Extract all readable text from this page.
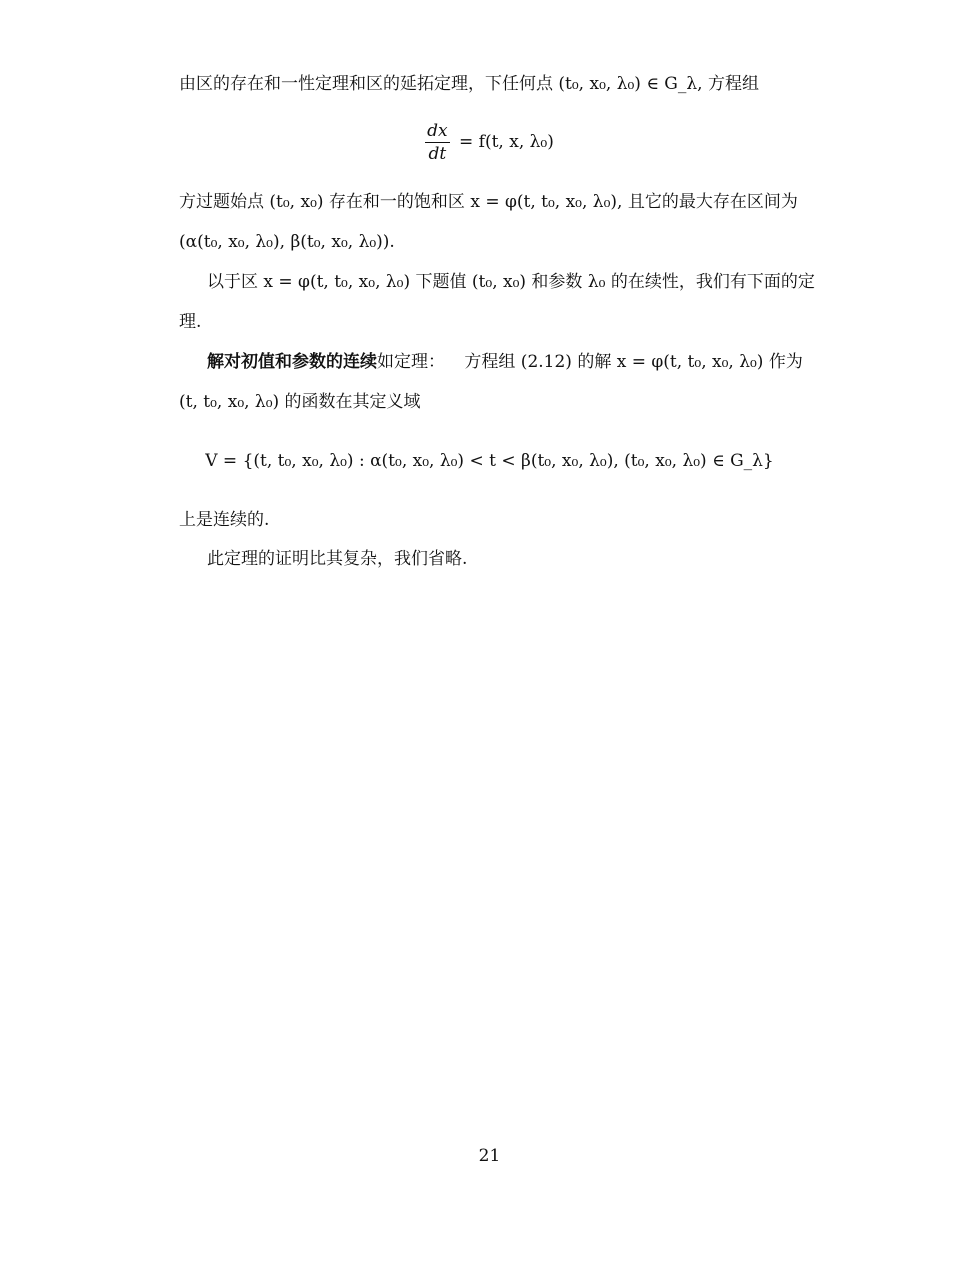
由区的存在和一性定理和区的延拓定理，下任何点 (t₀, x₀, λ₀) ∈ G_λ, 方程组
$\frac{dx}{dt} = f(t$, x, λ₀)
方过题始点 (t₀, x₀) 存在和一的饱和区 x = φ(t, t₀, x₀, λ₀), 且它的最大存在区间为
(α(t₀, x₀, λ₀), β(t₀, x₀, λ₀)).
以于区 x = φ(t, t₀, x₀, λ₀) 下题值 (t₀, x₀) 和参数 λ₀ 的在续性，我们有下面的定
理.
解对初值和参数的连续如定理： 方程组 (2.12) 的解 x = φ(t, t₀, x₀, λ₀) 作为
(t, t₀, x₀, λ₀) 的函数在其定义域
V = {(t, t₀, x₀, λ₀) : α(t₀, x₀, λ₀) < t < β(t₀, x₀, λ₀), (t₀, x₀, λ₀) ∈ G_λ}
上是连续的.
此定理的证明比其复杂，我们省略.
21
